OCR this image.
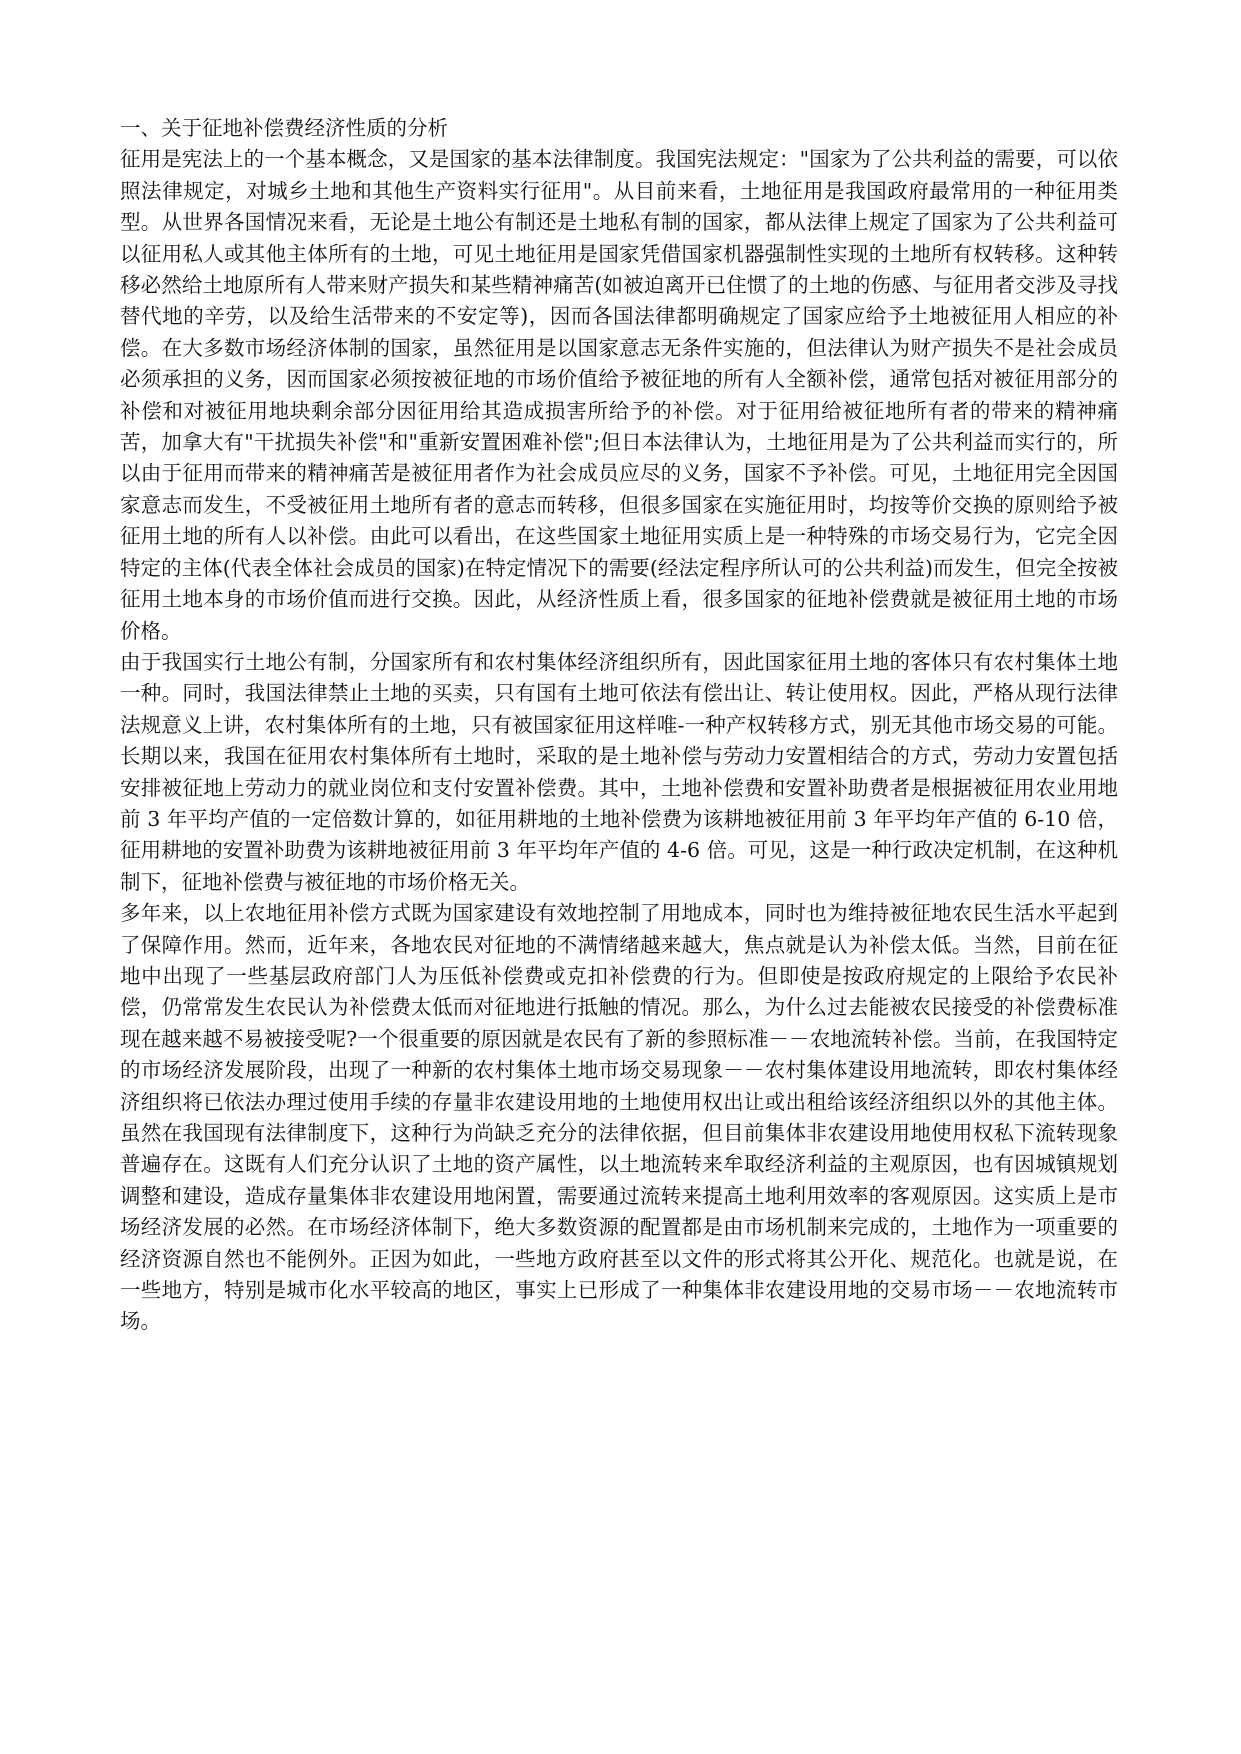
一、关于征地补偿费经济性质的分析

征用是宪法上的一个基本概念，又是国家的基本法律制度。我国宪法规定："国家为了公共利益的需要，可以依照法律规定，对城乡土地和其他生产资料实行征用"。从目前来看，土地征用是我国政府最常用的一种征用类型。从世界各国情况来看，无论是土地公有制还是土地私有制的国家，都从法律上规定了国家为了公共利益可以征用私人或其他主体所有的土地，可见土地征用是国家凭借国家机器强制性实现的土地所有权转移。这种转移必然给土地原所有人带来财产损失和某些精神痛苦(如被迫离开已住惯了的土地的伤感、与征用者交涉及寻找替代地的辛劳，以及给生活带来的不安定等)，因而各国法律都明确规定了国家应给予土地被征用人相应的补偿。在大多数市场经济体制的国家，虽然征用是以国家意志无条件实施的，但法律认为财产损失不是社会成员必须承担的义务，因而国家必须按被征地的市场价值给予被征地的所有人全额补偿，通常包括对被征用部分的补偿和对被征用地块剩余部分因征用给其造成损害所给予的补偿。对于征用给被征地所有者的带来的精神痛苦，加拿大有"干扰损失补偿"和"重新安置困难补偿";但日本法律认为，土地征用是为了公共利益而实行的，所以由于征用而带来的精神痛苦是被征用者作为社会成员应尽的义务，国家不予补偿。可见，土地征用完全因国家意志而发生，不受被征用土地所有者的意志而转移，但很多国家在实施征用时，均按等价交换的原则给予被征用土地的所有人以补偿。由此可以看出，在这些国家土地征用实质上是一种特殊的市场交易行为，它完全因特定的主体(代表全体社会成员的国家)在特定情况下的需要(经法定程序所认可的公共利益)而发生，但完全按被征用土地本身的市场价值而进行交换。因此，从经济性质上看，很多国家的征地补偿费就是被征用土地的市场价格。

由于我国实行土地公有制，分国家所有和农村集体经济组织所有，因此国家征用土地的客体只有农村集体土地一种。同时，我国法律禁止土地的买卖，只有国有土地可依法有偿出让、转让使用权。因此，严格从现行法律法规意义上讲，农村集体所有的土地，只有被国家征用这样唯-一种产权转移方式，别无其他市场交易的可能。长期以来，我国在征用农村集体所有土地时，采取的是土地补偿与劳动力安置相结合的方式，劳动力安置包括安排被征地上劳动力的就业岗位和支付安置补偿费。其中，土地补偿费和安置补助费者是根据被征用农业用地前 3 年平均产值的一定倍数计算的，如征用耕地的土地补偿费为该耕地被征用前 3 年平均年产值的 6-10 倍，征用耕地的安置补助费为该耕地被征用前 3 年平均年产值的 4-6 倍。可见，这是一种行政决定机制，在这种机制下，征地补偿费与被征地的市场价格无关。

多年来，以上农地征用补偿方式既为国家建设有效地控制了用地成本，同时也为维持被征地农民生活水平起到了保障作用。然而，近年来，各地农民对征地的不满情绪越来越大，焦点就是认为补偿太低。当然，目前在征地中出现了一些基层政府部门人为压低补偿费或克扣补偿费的行为。但即使是按政府规定的上限给予农民补偿，仍常常发生农民认为补偿费太低而对征地进行抵触的情况。那么，为什么过去能被农民接受的补偿费标准现在越来越不易被接受呢?一个很重要的原因就是农民有了新的参照标准－－农地流转补偿。当前，在我国特定的市场经济发展阶段，出现了一种新的农村集体土地市场交易现象－－农村集体建设用地流转，即农村集体经济组织将已依法办理过使用手续的存量非农建设用地的土地使用权出让或出租给该经济组织以外的其他主体。虽然在我国现有法律制度下，这种行为尚缺乏充分的法律依据，但目前集体非农建设用地使用权私下流转现象普遍存在。这既有人们充分认识了土地的资产属性，以土地流转来牟取经济利益的主观原因，也有因城镇规划调整和建设，造成存量集体非农建设用地闲置，需要通过流转来提高土地利用效率的客观原因。这实质上是市场经济发展的必然。在市场经济体制下，绝大多数资源的配置都是由市场机制来完成的，土地作为一项重要的经济资源自然也不能例外。正因为如此，一些地方政府甚至以文件的形式将其公开化、规范化。也就是说，在一些地方，特别是城市化水平较高的地区，事实上已形成了一种集体非农建设用地的交易市场－－农地流转市场。
